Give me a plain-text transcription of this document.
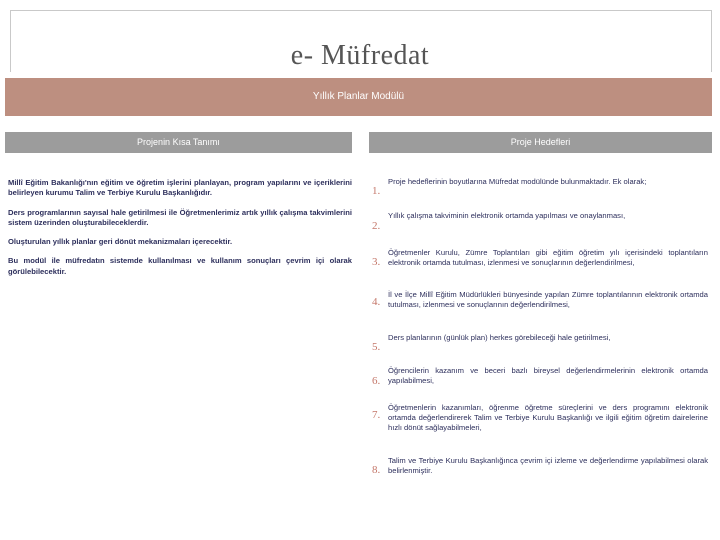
e- Müfredat
Yıllık Planlar Modülü
Projenin Kısa Tanımı	Proje Hedefleri

Millî Eğitim Bakanlığı'nın eğitim ve öğretim işlerini planlayan, program yapılarını ve içeriklerini belirleyen kurumu Talim ve Terbiye Kurulu Başkanlığıdır.

Ders programlarının sayısal hale getirilmesi ile Öğretmenlerimiz artık yıllık çalışma takvimlerini sistem üzerinden oluşturabileceklerdir.

Oluşturulan yıllık planlar geri dönüt mekanizmaları içerecektir.

Bu modül ile müfredatın sistemde kullanılması ve kullanım sonuçları çevrim içi olarak görülebilecektir.

1.
Proje hedeflerinin boyutlarına Müfredat modülünde bulunmaktadır. Ek olarak;
2.
Yıllık çalışma takviminin elektronik ortamda yapılması ve onaylanması,
3.
Öğretmenler Kurulu, Zümre Toplantıları gibi eğitim öğretim yılı içerisindeki toplantıların elektronik ortamda tutulması, izlenmesi ve sonuçlarının değerlendirilmesi,
4.
İl ve İlçe Millî Eğitim Müdürlükleri bünyesinde yapılan Zümre toplantılarının elektronik ortamda tutulması, izlenmesi ve sonuçlarının değerlendirilmesi,
5.
Ders planlarının (günlük plan) herkes görebileceği hale getirilmesi,
6.
Öğrencilerin kazanım ve beceri bazlı bireysel değerlendirmelerinin elektronik ortamda yapılabilmesi,
7.
Öğretmenlerin kazanımları, öğrenme öğretme süreçlerini ve ders programını elektronik ortamda değerlendirerek Talim ve Terbiye Kurulu Başkanlığı ve ilgili eğitim öğretim dairelerine hızlı dönüt sağlayabilmeleri,
8.
Talim ve Terbiye Kurulu Başkanlığınca çevrim içi izleme ve değerlendirme yapılabilmesi olarak belirlenmiştir.
